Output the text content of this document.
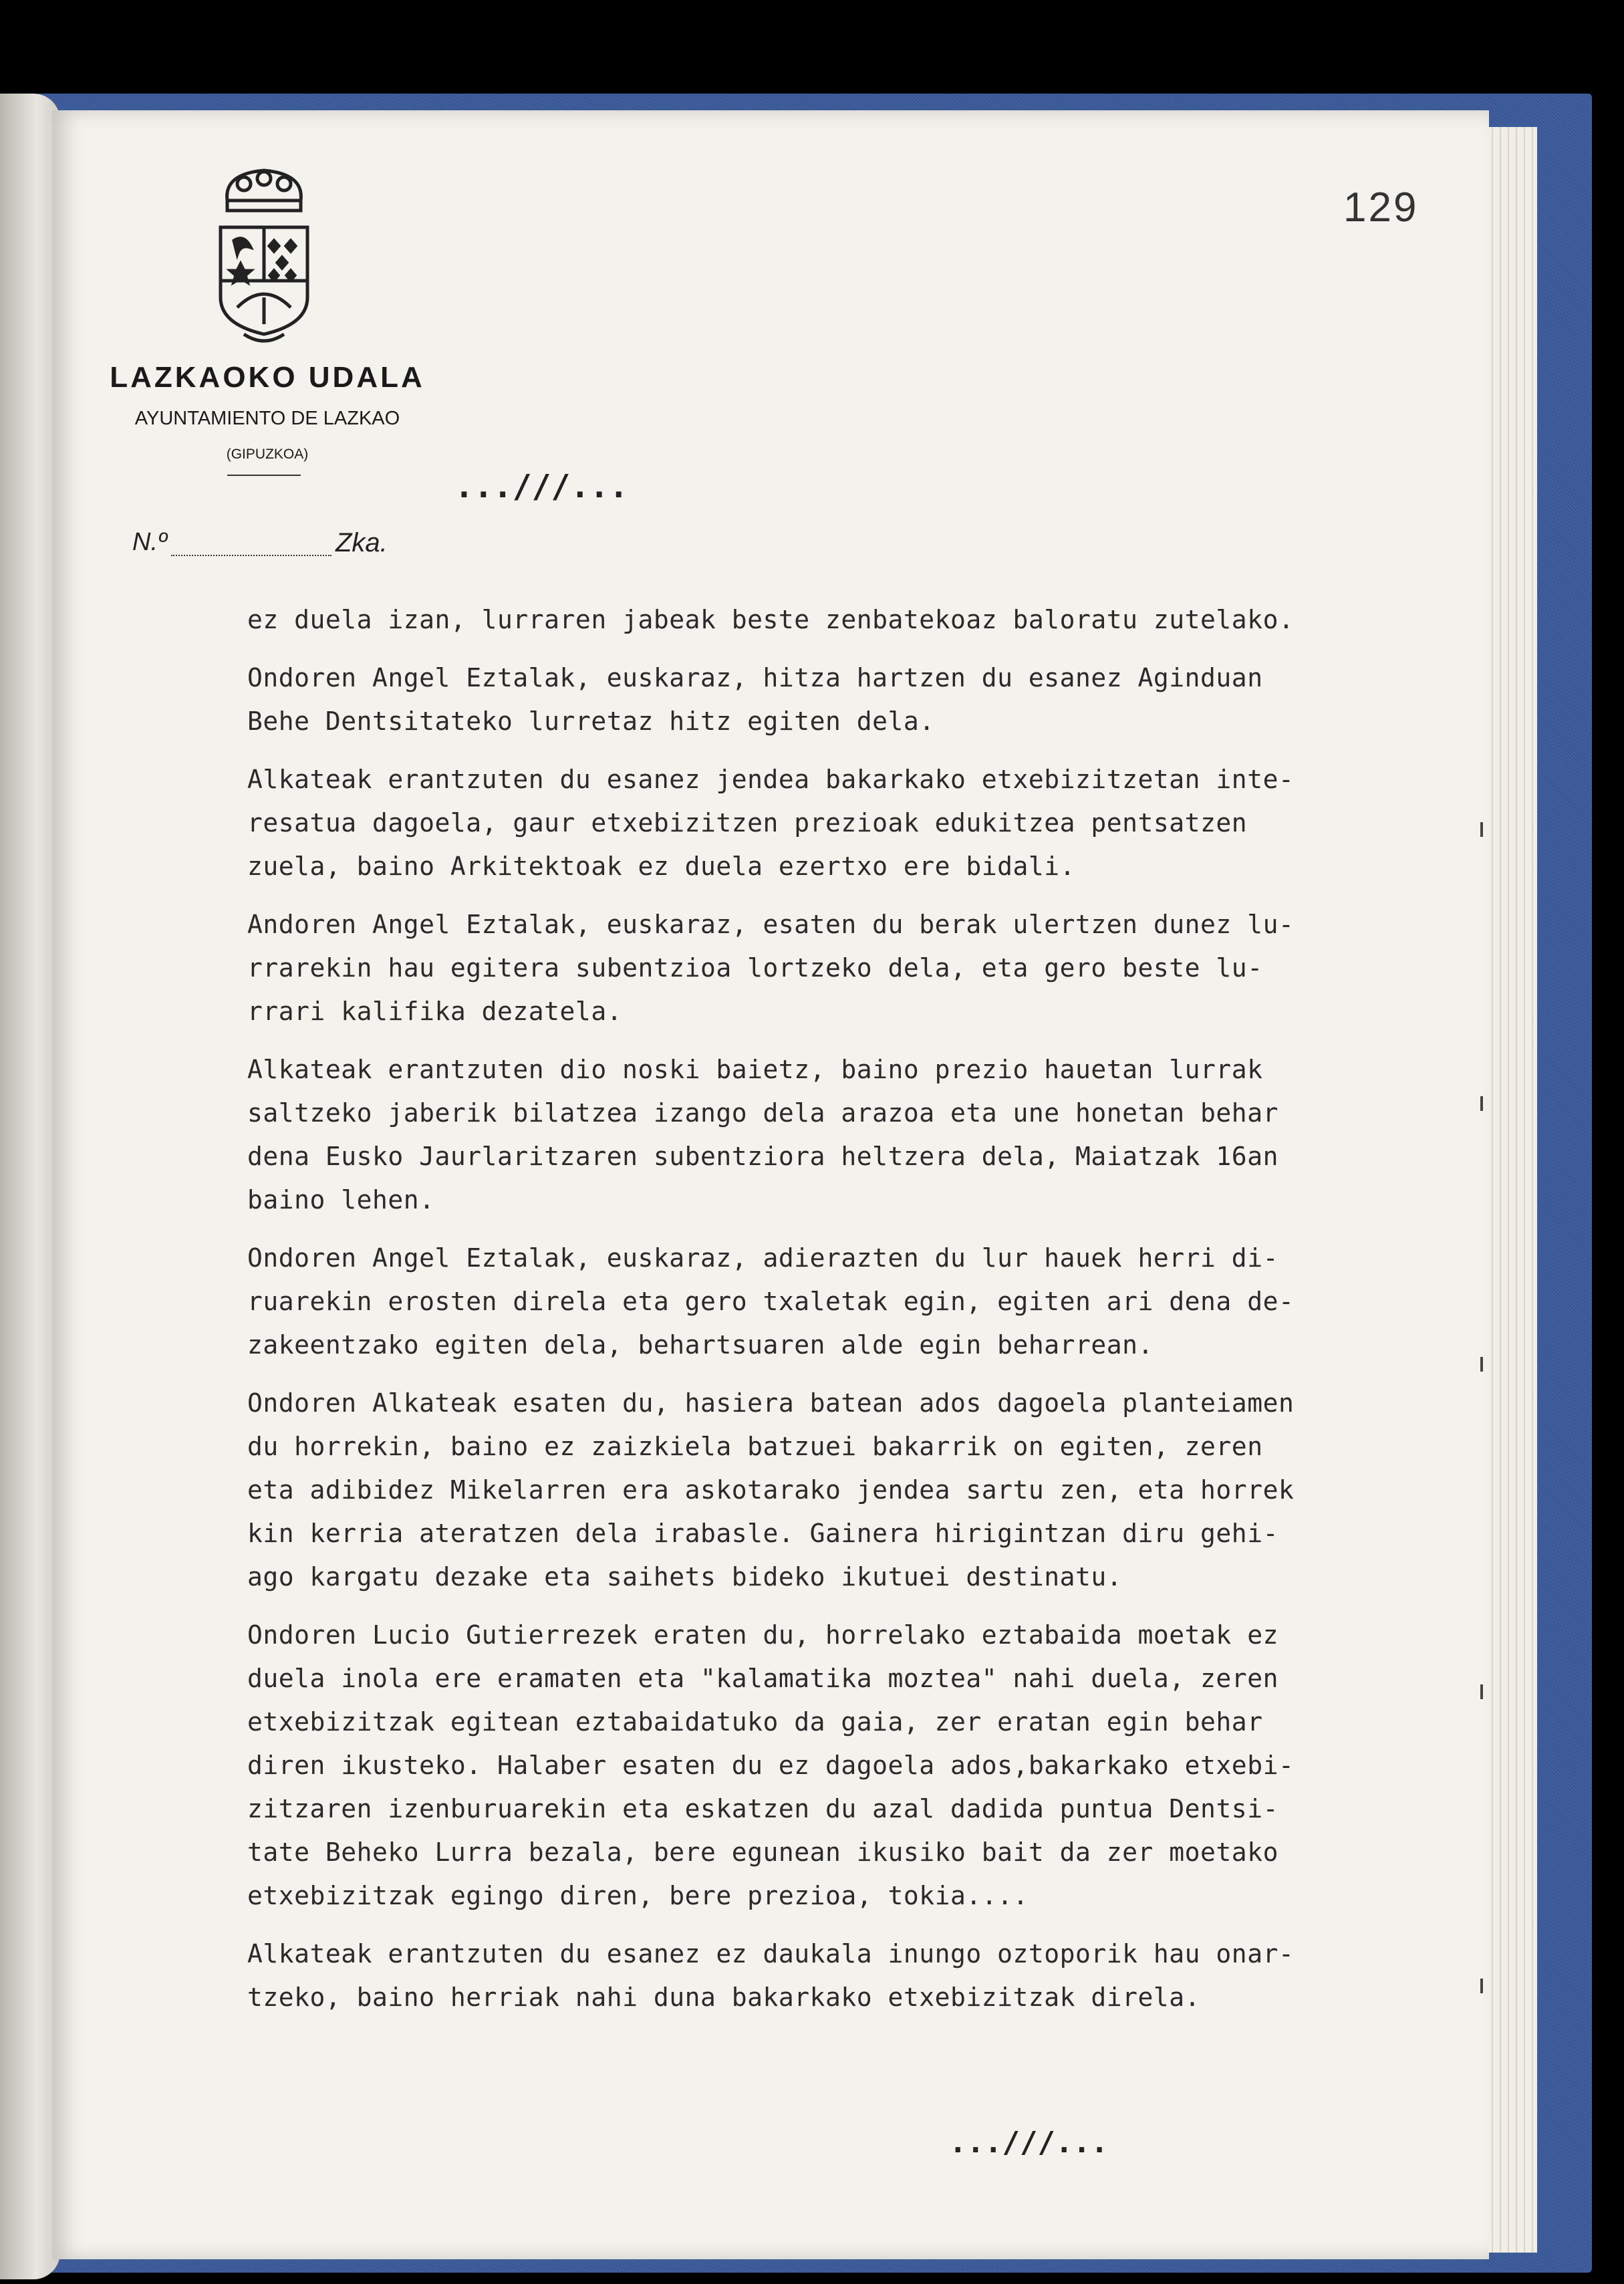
LAZKAOKO UDALA
AYUNTAMIENTO DE LAZKAO
(GIPUZKOA)
129
...///...
N.º	Zka.

ez duela izan, lurraren jabeak beste zenbatekoaz baloratu zutelako.

Ondoren Angel Eztalak, euskaraz, hitza hartzen du esanez Aginduan
Behe Dentsitateko lurretaz hitz egiten dela.

Alkateak erantzuten du esanez jendea bakarkako etxebizitzetan inte-
resatua dagoela, gaur etxebizitzen prezioak edukitzea pentsatzen
zuela, baino Arkitektoak ez duela ezertxo ere bidali.

Andoren Angel Eztalak, euskaraz, esaten du berak ulertzen dunez lu-
rrarekin hau egitera subentzioa lortzeko dela, eta gero beste lu-
rrari kalifika dezatela.

Alkateak erantzuten dio noski baietz, baino prezio hauetan lurrak
saltzeko jaberik bilatzea izango dela arazoa eta une honetan behar
dena Eusko Jaurlaritzaren subentziora heltzera dela, Maiatzak 16an
baino lehen.

Ondoren Angel Eztalak, euskaraz, adierazten du lur hauek herri di-
ruarekin erosten direla eta gero txaletak egin, egiten ari dena de-
zakeentzako egiten dela, behartsuaren alde egin beharrean.

Ondoren Alkateak esaten du, hasiera batean ados dagoela planteiamen
du horrekin, baino ez zaizkiela batzuei bakarrik on egiten, zeren
eta adibidez Mikelarren era askotarako jendea sartu zen, eta horrek
kin kerria ateratzen dela irabasle. Gainera hirigintzan diru gehi-
ago kargatu dezake eta saihets bideko ikutuei destinatu.

Ondoren Lucio Gutierrezek eraten du, horrelako eztabaida moetak ez
duela inola ere eramaten eta "kalamatika moztea" nahi duela, zeren
etxebizitzak egitean eztabaidatuko da gaia, zer eratan egin behar
diren ikusteko. Halaber esaten du ez dagoela ados,bakarkako etxebi-
zitzaren izenburuarekin eta eskatzen du azal dadida puntua Dentsi-
tate Beheko Lurra bezala, bere egunean ikusiko bait da zer moetako
etxebizitzak egingo diren, bere prezioa, tokia....

Alkateak erantzuten du esanez ez daukala inungo oztoporik hau onar-
tzeko, baino herriak nahi duna bakarkako etxebizitzak direla.

...///...
